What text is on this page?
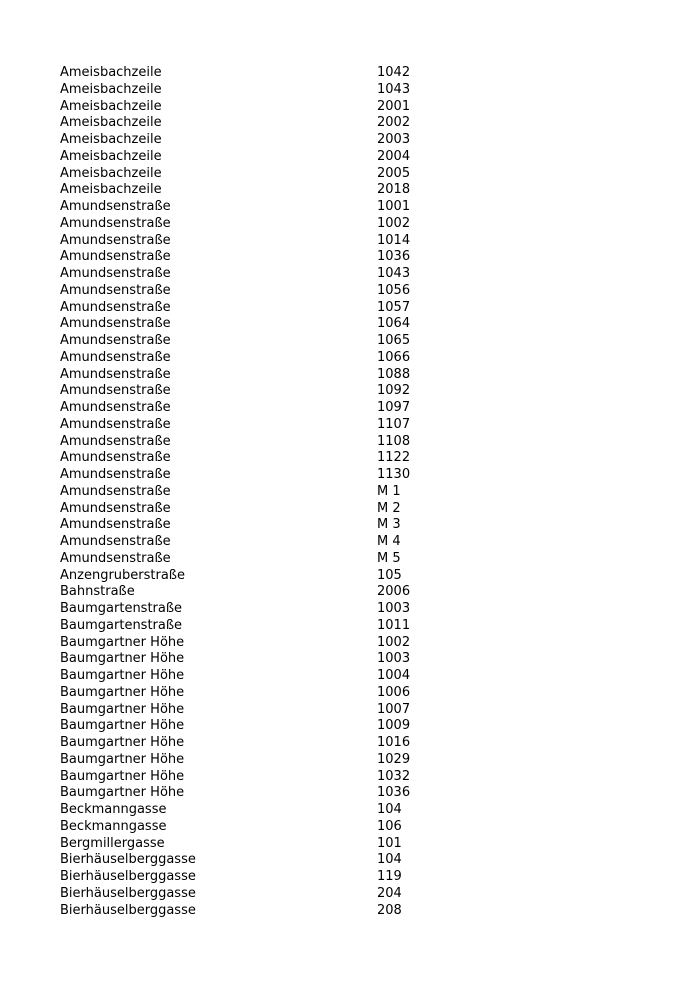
Ameisbachzeile	1042
Ameisbachzeile	1043
Ameisbachzeile	2001
Ameisbachzeile	2002
Ameisbachzeile	2003
Ameisbachzeile	2004
Ameisbachzeile	2005
Ameisbachzeile	2018
Amundsenstraße	1001
Amundsenstraße	1002
Amundsenstraße	1014
Amundsenstraße	1036
Amundsenstraße	1043
Amundsenstraße	1056
Amundsenstraße	1057
Amundsenstraße	1064
Amundsenstraße	1065
Amundsenstraße	1066
Amundsenstraße	1088
Amundsenstraße	1092
Amundsenstraße	1097
Amundsenstraße	1107
Amundsenstraße	1108
Amundsenstraße	1122
Amundsenstraße	1130
Amundsenstraße	M 1
Amundsenstraße	M 2
Amundsenstraße	M 3
Amundsenstraße	M 4
Amundsenstraße	M 5
Anzengruberstraße	105
Bahnstraße	2006
Baumgartenstraße	1003
Baumgartenstraße	1011
Baumgartner Höhe	1002
Baumgartner Höhe	1003
Baumgartner Höhe	1004
Baumgartner Höhe	1006
Baumgartner Höhe	1007
Baumgartner Höhe	1009
Baumgartner Höhe	1016
Baumgartner Höhe	1029
Baumgartner Höhe	1032
Baumgartner Höhe	1036
Beckmanngasse	104
Beckmanngasse	106
Bergmillergasse	101
Bierhäuselberggasse	104
Bierhäuselberggasse	119
Bierhäuselberggasse	204
Bierhäuselberggasse	208
